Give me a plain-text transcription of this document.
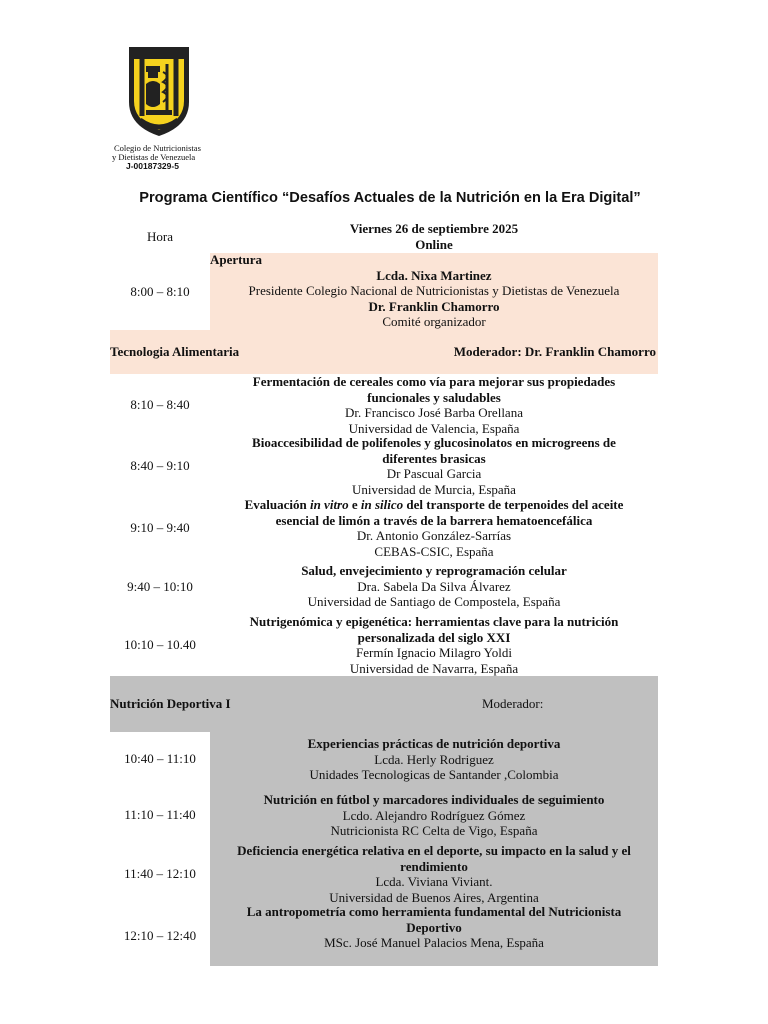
Colegio de Nutricionistas
y Dietistas de Venezuela
J-00187329-5
Programa Científico “Desafíos Actuales de la Nutrición en la Era Digital”
Hora
Viernes 26 de septiembre 2025
Online
8:00 – 8:10
Apertura
Lcda. Nixa Martinez
Presidente Colegio Nacional de Nutricionistas y Dietistas de Venezuela
Dr. Franklin Chamorro
Comité organizador
Tecnologia Alimentaria	Moderador: Dr. Franklin Chamorro
8:10 – 8:40
Fermentación de cereales como vía para mejorar sus propiedades
funcionales y saludables
Dr. Francisco José Barba Orellana
Universidad de Valencia, España
8:40 – 9:10
Bioaccesibilidad de polifenoles y glucosinolatos en microgreens de
diferentes brasicas
Dr Pascual Garcia
Universidad de Murcia, España
9:10 – 9:40
Evaluación in vitro e in silico del transporte de terpenoides del aceite
esencial de limón a través de la barrera hematoencefálica
Dr. Antonio González-Sarrías
CEBAS-CSIC, España
9:40 – 10:10
Salud, envejecimiento y reprogramación celular
Dra. Sabela Da Silva Álvarez
Universidad de Santiago de Compostela, España
10:10 – 10.40
Nutrigenómica y epigenética: herramientas clave para la nutrición
personalizada del siglo XXI
Fermín Ignacio Milagro Yoldi
Universidad de Navarra, España
Nutrición Deportiva I	Moderador:
10:40 – 11:10
Experiencias prácticas de nutrición deportiva
Lcda. Herly Rodriguez
Unidades Tecnologicas de Santander ,Colombia
11:10 – 11:40
Nutrición en fútbol y marcadores individuales de seguimiento
Lcdo. Alejandro Rodríguez Gómez
Nutricionista RC Celta de Vigo, España
11:40 – 12:10
Deficiencia energética relativa en el deporte, su impacto en la salud y el
rendimiento
Lcda. Viviana Viviant.
Universidad de Buenos Aires, Argentina
12:10 – 12:40
La antropometría como herramienta fundamental del Nutricionista
Deportivo
MSc. José Manuel Palacios Mena, España
